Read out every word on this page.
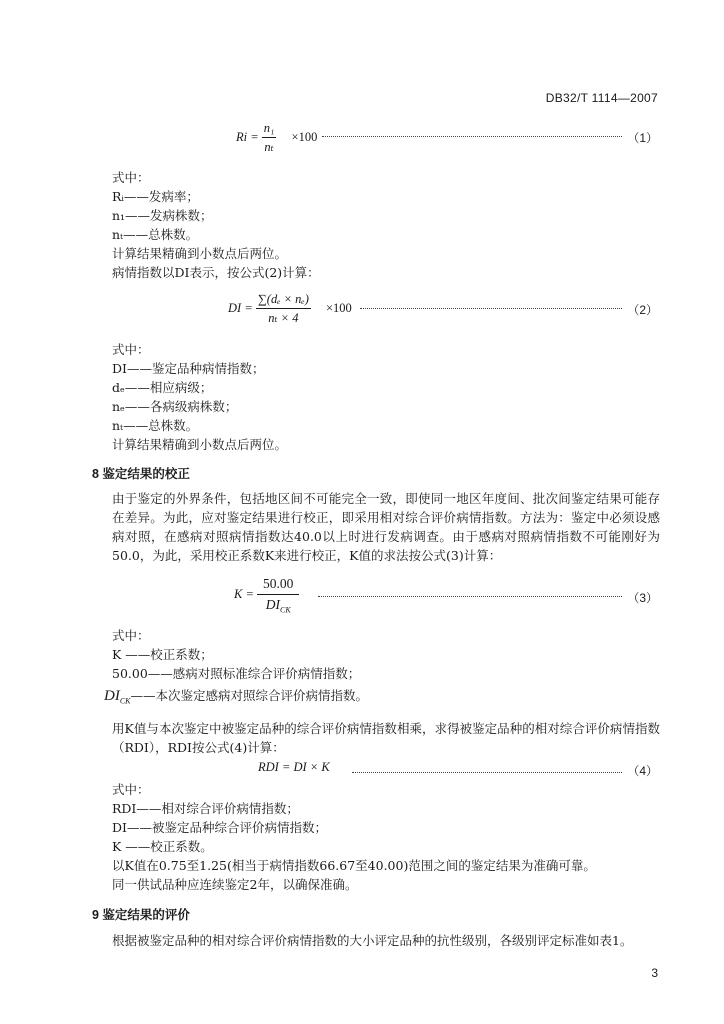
DB32/T 1114—2007
$Ri = \frac{\text{n₁}}{\text{nₜ}} \times 100$	（1）
式中：
Rᵢ——发病率；
n₁——发病株数；
nₜ——总株数。
计算结果精确到小数点后两位。
病情指数以DI表示，按公式(2)计算：
DI = $\frac{\text{∑(dₑ × nₑ)}}{\text{nₜ × 4}} \times 100$	（2）
式中：
DI——鉴定品种病情指数；
dₑ——相应病级；
nₑ——各病级病株数；
nₜ——总株数。
计算结果精确到小数点后两位。
8 鉴定结果的校正
由于鉴定的外界条件，包括地区间不可能完全一致，即使同一地区年度间、批次间鉴定结果可能存在差异。为此，应对鉴定结果进行校正，即采用相对综合评价病情指数。方法为：鉴定中必须设感病对照，在感病对照病情指数达40.0以上时进行发病调查。由于感病对照病情指数不可能刚好为50.0，为此，采用校正系数K来进行校正，K值的求法按公式(3)计算：
$K = \frac{50.00}{DI_{CK}}$	（3）
式中：
K ——校正系数；
50.00——感病对照标准综合评价病情指数；
$DI_{CK}——$本次鉴定感病对照综合评价病情指数。
用K值与本次鉴定中被鉴定品种的综合评价病情指数相乘，求得被鉴定品种的相对综合评价病情指数（RDI），RDI按公式(4)计算：
RDI = DI × K	（4）
式中：
RDI——相对综合评价病情指数；
DI——被鉴定品种综合评价病情指数；
K ——校正系数。
以K值在0.75至1.25(相当于病情指数66.67至40.00)范围之间的鉴定结果为准确可靠。
同一供试品种应连续鉴定2年，以确保准确。
9 鉴定结果的评价
根据被鉴定品种的相对综合评价病情指数的大小评定品种的抗性级别，各级别评定标准如表1。
3
